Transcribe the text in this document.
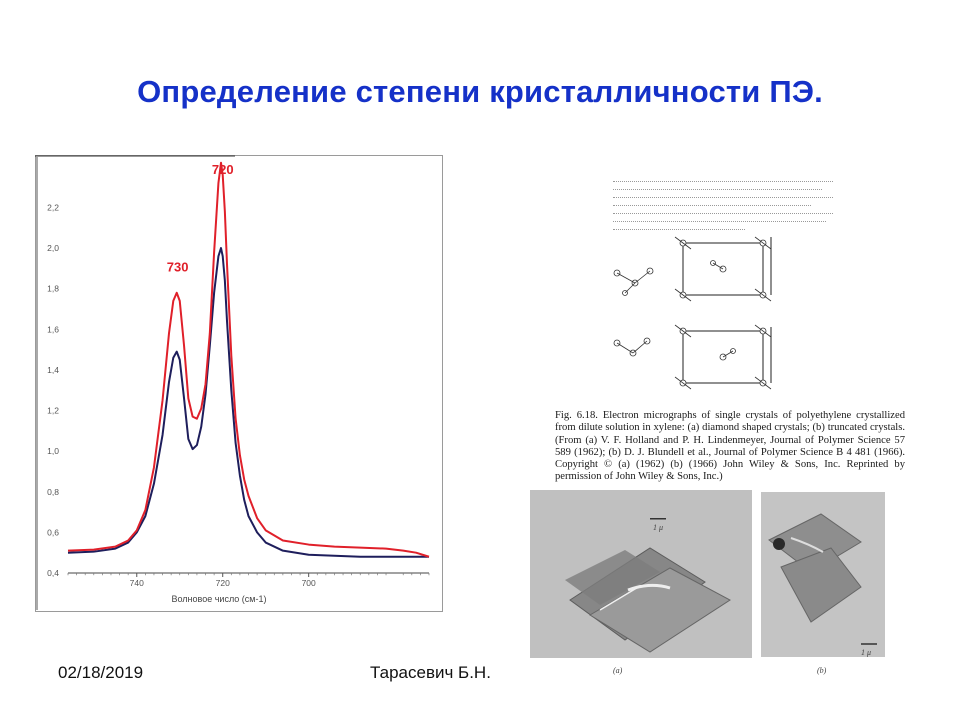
Определение степени кристалличности ПЭ.
0,4
0,6
0,8
1,0
1,2
1,4
1,6
1,8
2,0
2,2
740	720	700
Волновое число (см-1)
720
730
Fig. 6.18. Electron micrographs of single crystals of polyethylene crystallized from dilute solution in xylene: (a) diamond shaped crystals; (b) truncated crystals. (From (a) V. F. Holland and P. H. Lindenmeyer, Journal of Polymer Science 57 589 (1962); (b) D. J. Blundell et al., Journal of Polymer Science B 4 481 (1966). Copyright © (a) (1962) (b) (1966) John Wiley & Sons, Inc. Reprinted by permission of John Wiley & Sons, Inc.)
1 μ
1 μ
(a)	(b)
02/18/2019	Тарасевич Б.Н.
